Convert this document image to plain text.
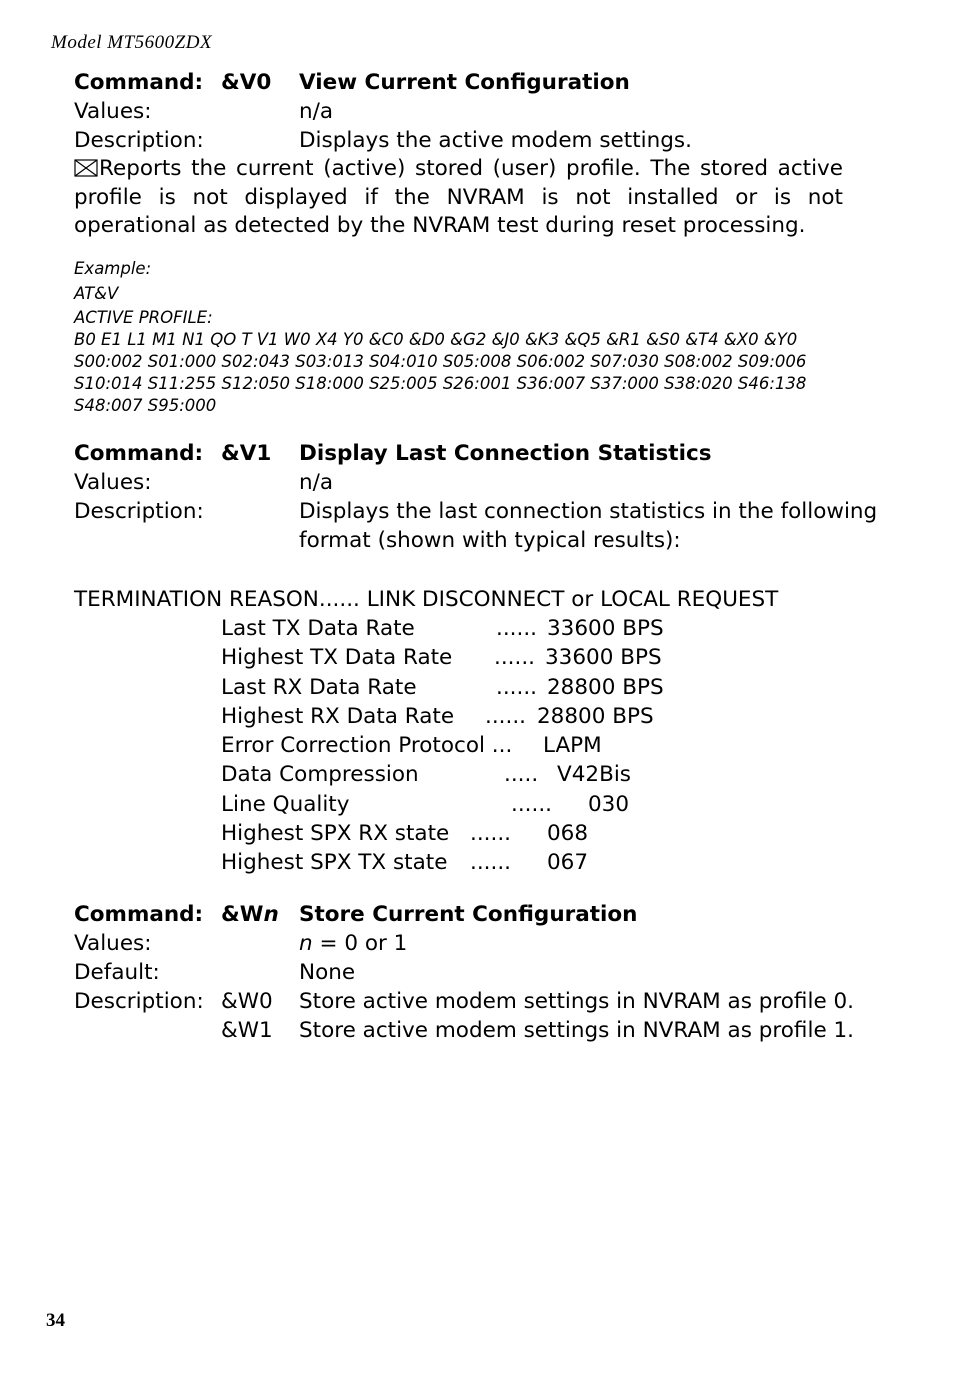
Model MT5600ZDX
Command: &V0 View Current Configuration
Values:	n/a
Description:	Displays the active modem settings.
Reports the current (active) stored (user) profile. The stored active profile is not displayed if the NVRAM is not installed or is not operational as detected by the NVRAM test during reset processing.
Example:
AT&V
ACTIVE PROFILE:
B0 E1 L1 M1 N1 QO T V1 W0 X4 Y0 &C0 &D0 &G2 &J0 &K3 &Q5 &R1 &S0 &T4 &X0 &Y0
S00:002 S01:000 S02:043 S03:013 S04:010 S05:008 S06:002 S07:030 S08:002 S09:006
S10:014 S11:255 S12:050 S18:000 S25:005 S26:001 S36:007 S37:000 S38:020 S46:138
S48:007 S95:000
Command: &V1 Display Last Connection Statistics
Values:	n/a
Description:	Displays the last connection statistics in the following
format (shown with typical results):
TERMINATION REASON...... LINK DISCONNECT or LOCAL REQUEST
Last TX Data Rate	...... 33600 BPS
Highest TX Data Rate ...... 33600 BPS
Last RX Data Rate	...... 28800 BPS
Highest RX Data Rate ...... 28800 BPS
Error Correction Protocol ... LAPM
Data Compression	..... V42Bis
Line Quality	...... 030
Highest SPX RX state ...... 068
Highest SPX TX state ...... 067
Command: &Wn Store Current Configuration
Values:	n = 0 or 1
Default:	None
Description: &W0 Store active modem settings in NVRAM as profile 0.
&W1 Store active modem settings in NVRAM as profile 1.
34
